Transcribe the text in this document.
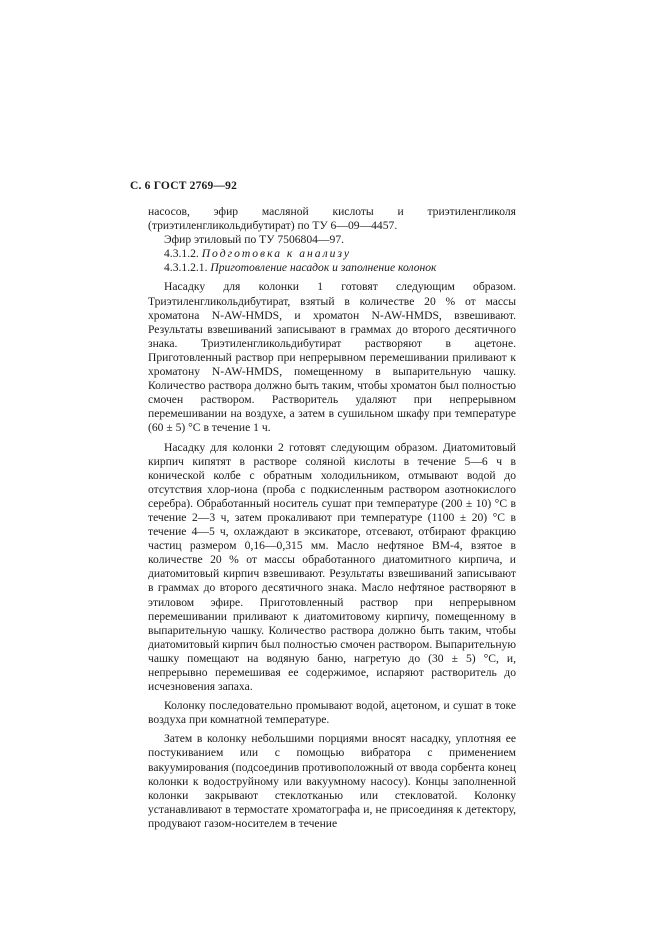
С. 6 ГОСТ 2769—92

насосов, эфир масляной кислоты и триэтиленгликоля (триэтиленгликольдибутират) по ТУ 6—09—4457.

Эфир этиловый по ТУ 7506804—97.

4.3.1.2. Подготовка к анализу

4.3.1.2.1. Приготовление насадок и заполнение колонок

Насадку для колонки 1 готовят следующим образом. Триэтиленгликольдибутират, взятый в количестве 20 % от массы хроматона N-AW-HMDS, и хроматон N-AW-HMDS, взвешивают. Результаты взвешиваний записывают в граммах до второго десятичного знака. Триэтиленгликольдибутират растворяют в ацетоне. Приготовленный раствор при непрерывном перемешивании приливают к хроматону N-AW-HMDS, помещенному в выпарительную чашку. Количество раствора должно быть таким, чтобы хроматон был полностью смочен раствором. Растворитель удаляют при непрерывном перемешивании на воздухе, а затем в сушильном шкафу при температуре (60 ± 5) °С в течение 1 ч.

Насадку для колонки 2 готовят следующим образом. Диатомитовый кирпич кипятят в растворе соляной кислоты в течение 5—6 ч в конической колбе с обратным холодильником, отмывают водой до отсутствия хлор-иона (проба с подкисленным раствором азотнокислого серебра). Обработанный носитель сушат при температуре (200 ± 10) °С в течение 2—3 ч, затем прокаливают при температуре (1100 ± 20) °С в течение 4—5 ч, охлаждают в эксикаторе, отсевают, отбирают фракцию частиц размером 0,16—0,315 мм. Масло нефтяное ВМ-4, взятое в количестве 20 % от массы обработанного диатомитного кирпича, и диатомитовый кирпич взвешивают. Результаты взвешиваний записывают в граммах до второго десятичного знака. Масло нефтяное растворяют в этиловом эфире. Приготовленный раствор при непрерывном перемешивании приливают к диатомитовому кирпичу, помещенному в выпарительную чашку. Количество раствора должно быть таким, чтобы диатомитовый кирпич был полностью смочен раствором. Выпарительную чашку помещают на водяную баню, нагретую до (30 ± 5) °С, и, непрерывно перемешивая ее содержимое, испаряют растворитель до исчезновения запаха.

Колонку последовательно промывают водой, ацетоном, и сушат в токе воздуха при комнатной температуре.

Затем в колонку небольшими порциями вносят насадку, уплотняя ее постукиванием или с помощью вибратора с применением вакуумирования (подсоединив противоположный от ввода сорбента конец колонки к водоструйному или вакуумному насосу). Концы заполненной колонки закрывают стеклотканью или стекловатой. Колонку устанавливают в термостате хроматографа и, не присоединяя к детектору, продувают газом-носителем в течение
